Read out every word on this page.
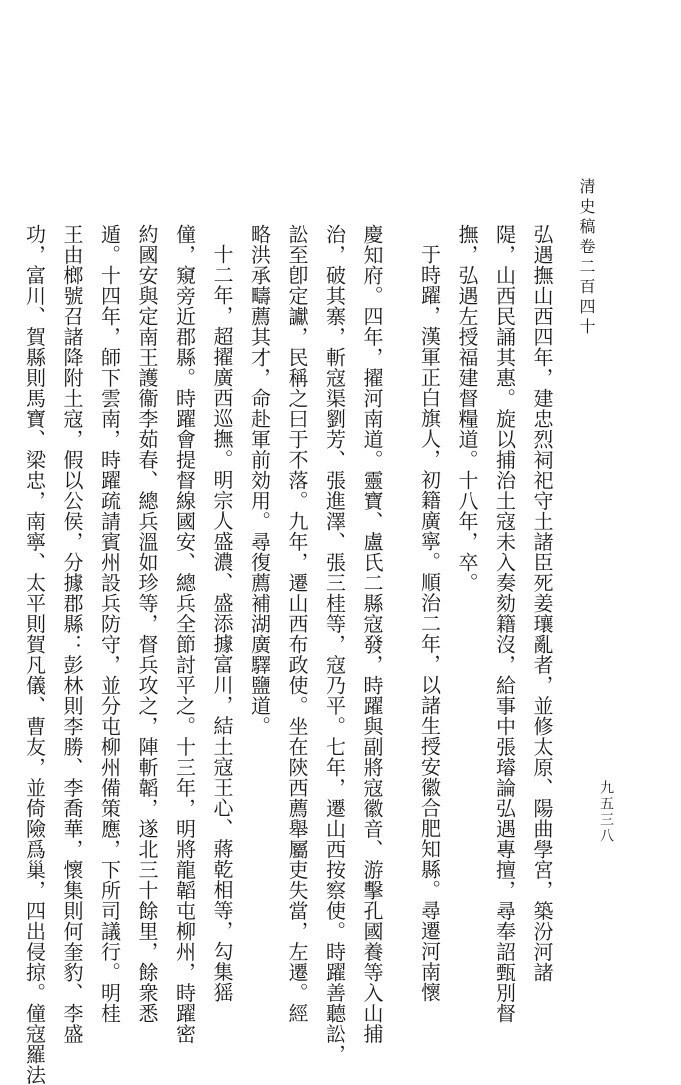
清史稿卷二百四十
九五三八
弘遇撫山西四年，建忠烈祠祀守土諸臣死姜瓖亂者，並修太原、陽曲學宮，築汾河諸
隄，山西民誦其惠。旋以捕治土寇未入奏劾籍沒，給事中張璿論弘遇專擅，尋奉詔甄別督
撫，弘遇左授福建督糧道。十八年，卒。
于時躍，漢軍正白旗人，初籍廣寧。順治二年，以諸生授安徽合肥知縣。尋遷河南懷
慶知府。四年，擢河南道。靈寶、盧氏二縣寇發，時躍與副將寇徽音、游擊孔國養等入山捕
治，破其寨，斬寇渠劉芳、張進澤、張三桂等，寇乃平。七年，遷山西按察使。時躍善聽訟，
訟至卽定讞，民稱之曰于不落。九年，遷山西布政使。坐在陝西薦舉屬吏失當，左遷。經
略洪承疇薦其才，命赴軍前効用。尋復薦補湖廣驛鹽道。
十二年，超擢廣西巡撫。明宗人盛濃、盛添據富川，結土寇王心、蔣乾相等，勾集猺
僮，窺旁近郡縣。時躍會提督線國安、總兵全節討平之。十三年，明將龍韜屯柳州，時躍密
約國安與定南王護衞李茹春、總兵溫如珍等，督兵攻之，陣斬韜，遂北三十餘里，餘衆悉
遁。十四年，師下雲南，時躍疏請賓州設兵防守，並分屯柳州備策應，下所司議行。明桂
王由榔號召諸降附土寇，假以公侯，分據郡縣：彭林則李勝、李喬華，懷集則何奎豹、李盛
功，富川、賀縣則馬寶、梁忠，南寧、太平則賀凡儀、曹友，並倚險爲巢，四出侵掠。僮寇羅法
